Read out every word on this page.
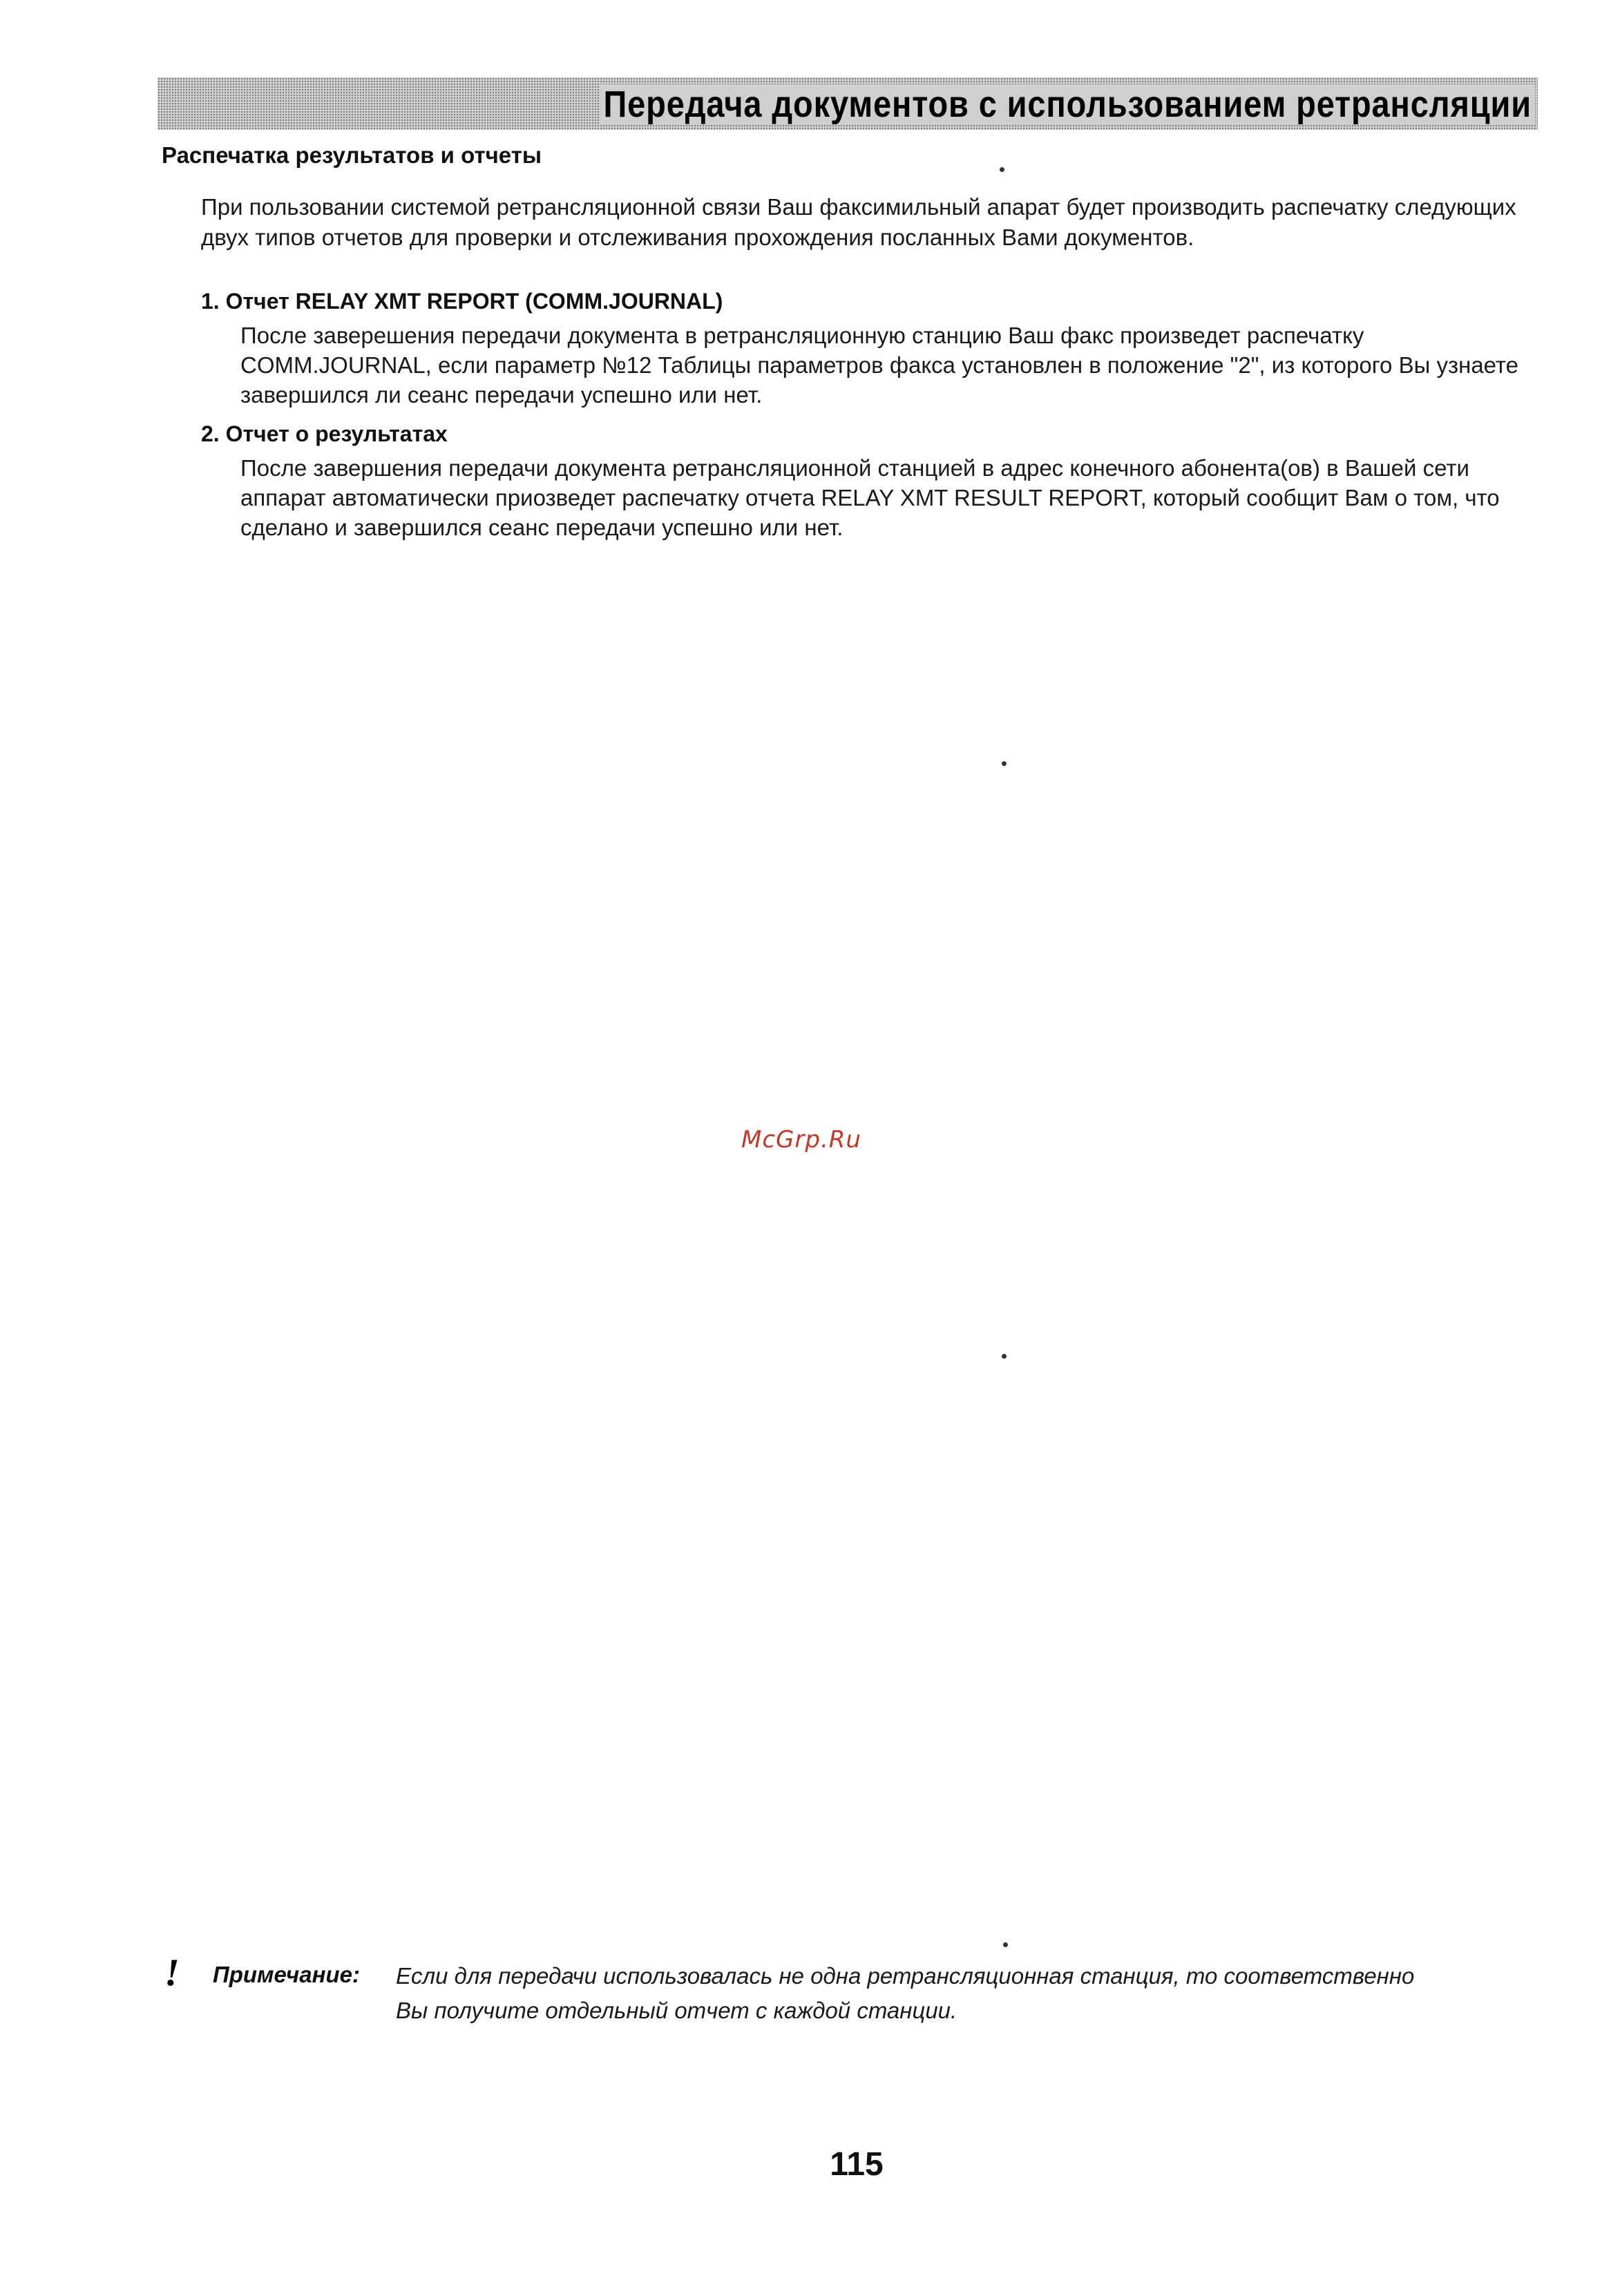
Передача документов с использованием ретрансляции
Распечатка результатов и отчеты

При пользовании системой ретрансляционной связи Ваш факсимильный апарат будет производить распечатку следующих двух типов отчетов для проверки и отслеживания прохождения посланных Вами документов.

1. Отчет RELAY XMT REPORT (COMM.JOURNAL)

После заверешения передачи документа в ретрансляционную станцию Ваш факс произведет распечатку COMM.JOURNAL, если параметр №12 Таблицы параметров факса установлен в положение "2", из которого Вы узнаете завершился ли сеанс передачи успешно или нет.

2. Отчет о результатах

После завершения передачи документа ретрансляционной станцией в адрес конечного абонента(ов) в Вашей сети аппарат автоматически приозведет распечатку отчета RELAY XMT RESULT REPORT, который сообщит Вам о том, что сделано и завершился сеанс передачи успешно или нет.

McGrp.Ru
! Примечание: Если для передачи использовалась не одна ретрансляционная станция, то соответственно Вы получите отдельный отчет с каждой станции.

115
